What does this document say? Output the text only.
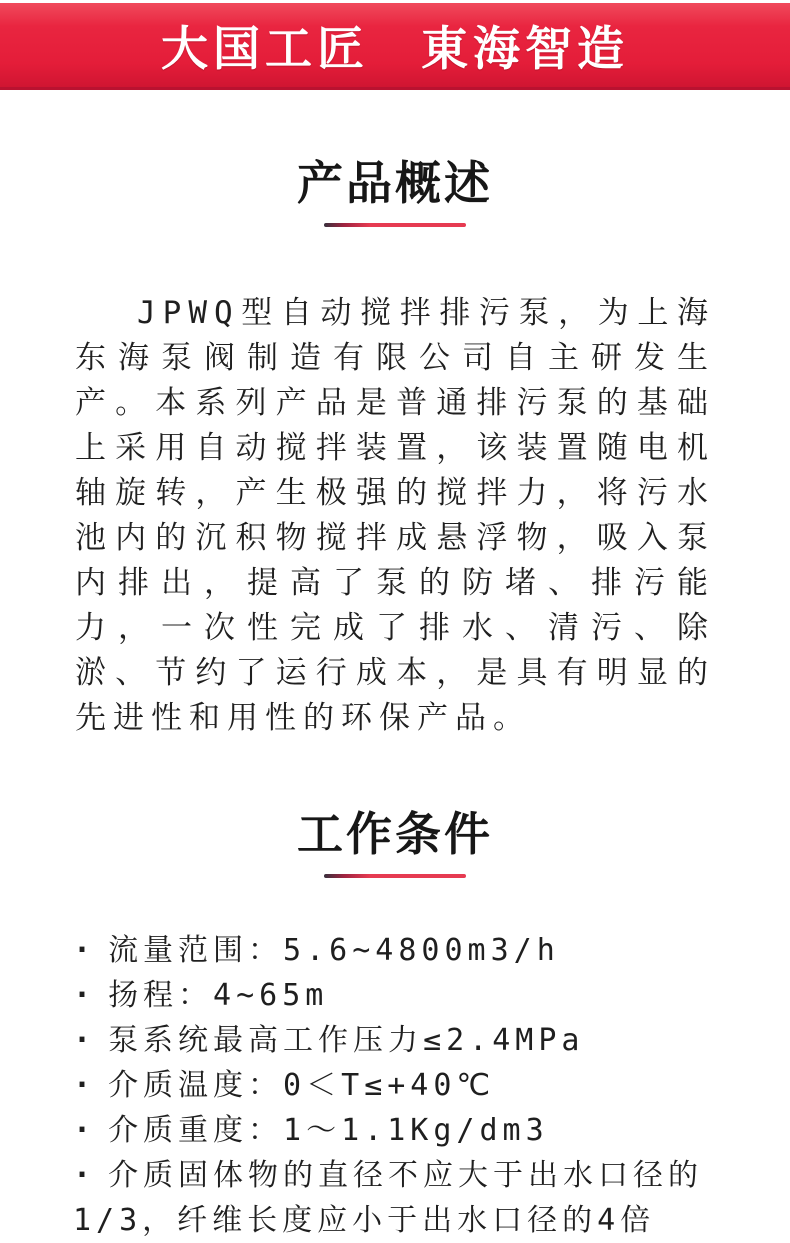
大国工匠　東海智造
产品概述
JPWQ型自动搅拌排污泵，为上海东海泵阀制造有限公司自主研发生产。本系列产品是普通排污泵的基础上采用自动搅拌装置，该装置随电机轴旋转，产生极强的搅拌力，将污水池内的沉积物搅拌成悬浮物，吸入泵内排出，提高了泵的防堵、排污能力，一次性完成了排水、清污、除淤、节约了运行成本，是具有明显的先进性和用性的环保产品。
工作条件
· 流量范围：5.6~4800m3/h
· 扬程：4~65m
· 泵系统最高工作压力≤2.4MPa
· 介质温度：0＜T≤+40℃
· 介质重度：1～1.1Kg/dm3
· 介质固体物的直径不应大于出水口径的1/3，纤维长度应小于出水口径的4倍
